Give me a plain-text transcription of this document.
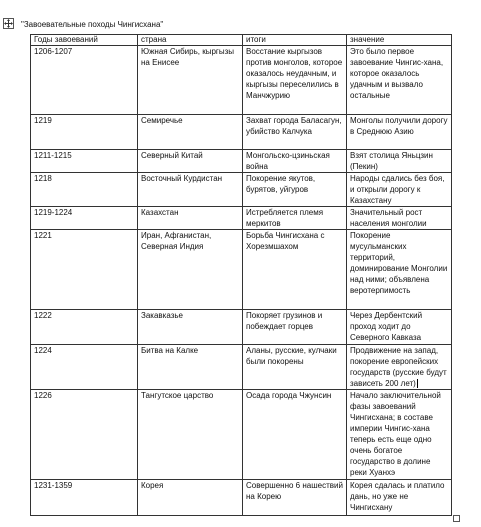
"Завоевательные походы Чингисхана"
Годы завоеваний	страна	итоги	значение
1206-1207	Южная Сибирь, кыргызы на Енисее	Восстание кыргызов против монголов, которое оказалось неудачным, и кыргызы переселились в Манчжурию	Это было первое завоевание Чингис-хана, которое оказалось удачным и вызвало остальные
1219	Семиречье	Захват города Баласагун, убийство Калчука	Монголы получили дорогу в Среднюю Азию
1211-1215	Северный Китай	Монгольско-цзиньская война	Взят столица Яньцзин (Пекин)
1218	Восточный Курдистан	Покорение якутов, бурятов, уйгуров	Народы сдались без боя, и открыли дорогу к Казахстану
1219-1224	Казахстан	Истребляется племя меркитов	Значительный рост населения монголии
1221	Иран, Афганистан, Северная Индия	Борьба Чингисхана с Хорезмшахом	Покорение мусульманских территорий, доминирование Монголии над ними; объявлена веротерпимость
1222	Закавказье	Покоряет грузинов и побеждает горцев	Через Дербентский проход ходит до Северного Кавказа
1224	Битва на Калке	Аланы, русские, кулчаки были покорены	Продвижение на запад, покорение европейских государств (русские будут зависеть 200 лет)
1226	Тангутское царство	Осада города Чжунсин	Начало заключительной фазы завоеваний Чингисхана; в составе империи Чингис-хана теперь есть еще одно очень богатое государство в долине реки Хуанхэ
1231-1359	Корея	Совершенно 6 нашествий на Корею	Корея сдалась и платило дань, но уже не Чингисхану
